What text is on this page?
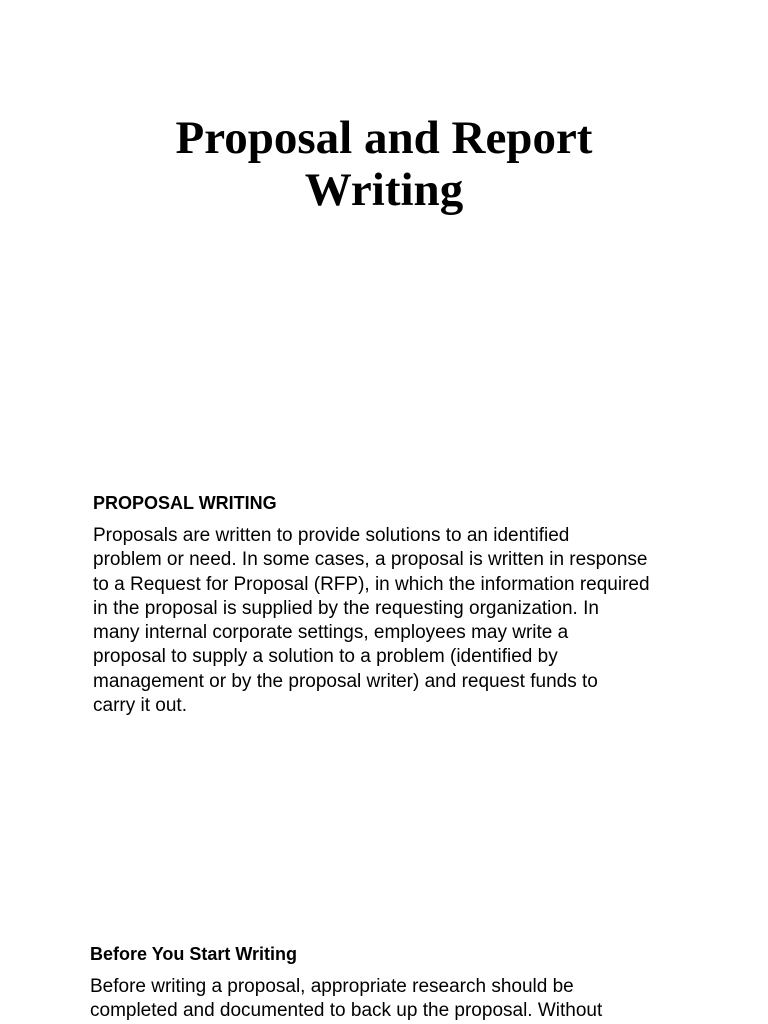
Proposal and Report
Writing
PROPOSAL WRITING
Proposals are written to provide solutions to an identified
problem or need. In some cases, a proposal is written in response
to a Request for Proposal (RFP), in which the information required
in the proposal is supplied by the requesting organization. In
many internal corporate settings, employees may write a
proposal to supply a solution to a problem (identified by
management or by the proposal writer) and request funds to
carry it out.
Before You Start Writing
Before writing a proposal, appropriate research should be
completed and documented to back up the proposal. Without
